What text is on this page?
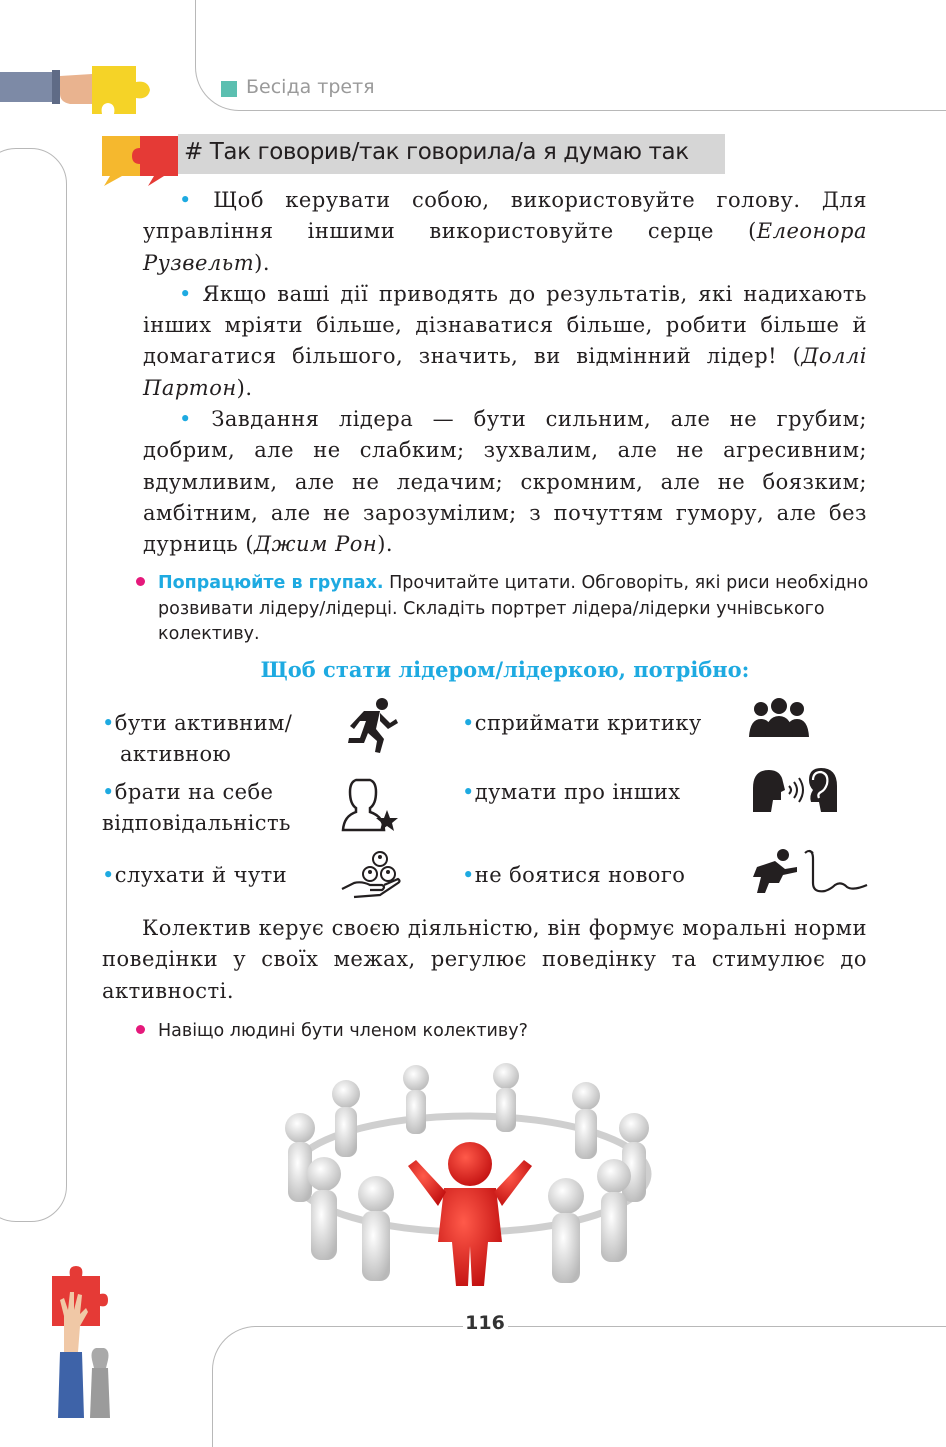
Бесіда третя
# Так говорив/так говорила/а я думаю так

• Щоб керувати собою, використовуйте голову. Для управління іншими використовуйте серце (Елеонора Рузвельт).

• Якщо ваші дії приводять до результатів, які надихають інших мріяти більше, дізнаватися більше, робити більше й домагатися більшого, значить, ви відмінний лідер! (Доллі Партон).

• Завдання лідера — бути сильним, але не грубим; добрим, але не слабким; зухвалим, але не агресивним; вдумливим, але не ледачим; скромним, але не боязким; амбітним, але не зарозумілим; з почуттям гумору, але без дурниць (Джим Рон).

Попрацюйте в групах. Прочитайте цитати. Обговоріть, які риси необхідно розвивати лідеру/лідерці. Складіть портрет лідера/лідерки учнівського колективу.

Щоб стати лідером/лідеркою, потрібно:
•бути активним/
активною
•сприймати критику
•брати на себе
відповідальність
•думати про інших
•слухати й чути	•не боятися нового

Колектив керує своєю діяльністю, він формує моральні норми поведінки у своїх межах, регулює поведінку та стимулює до активності.

Навіщо людині бути членом колективу?

116
